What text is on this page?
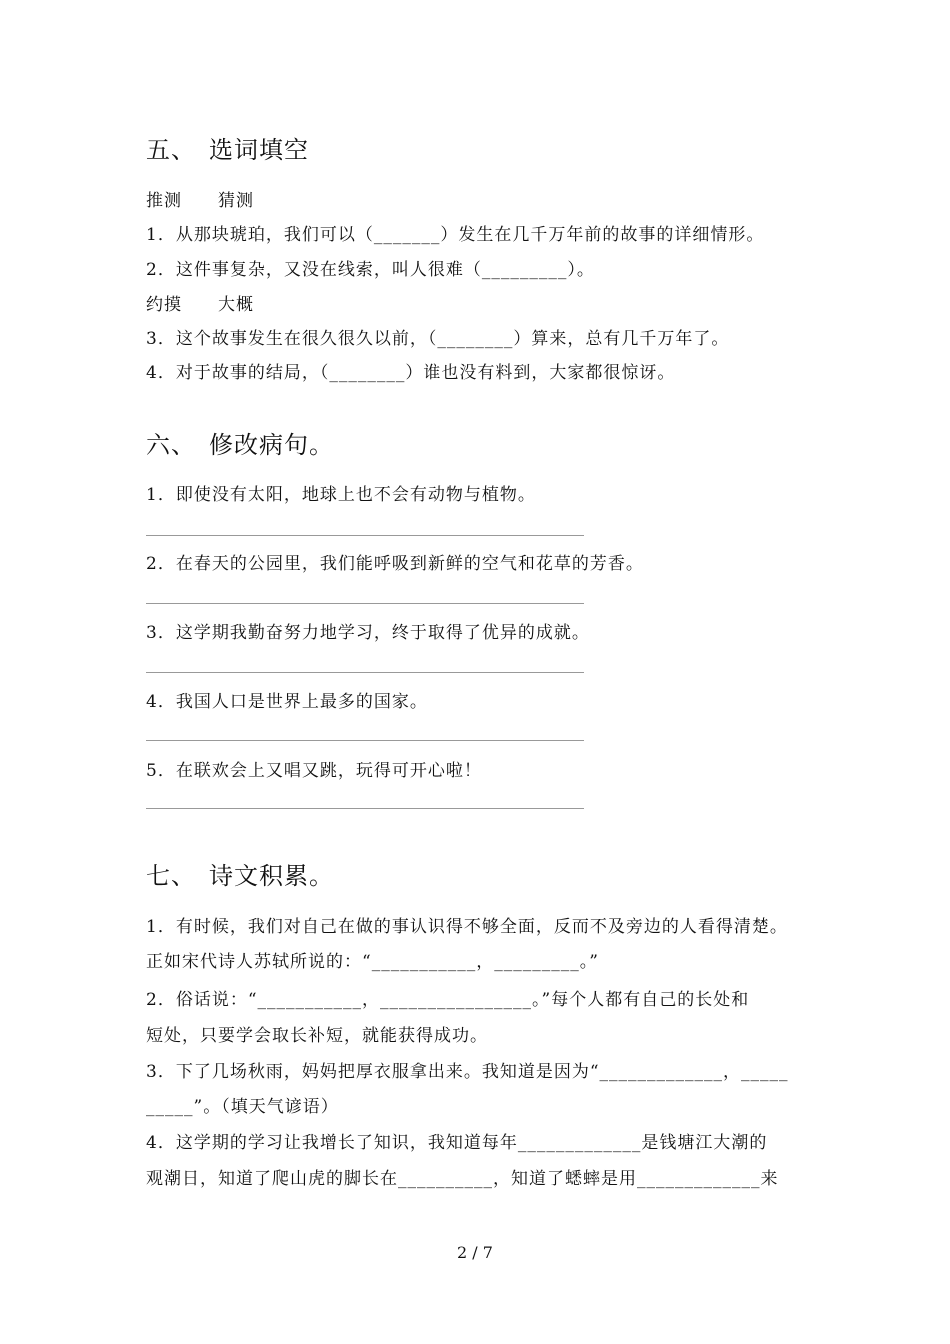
五、　选词填空
推测　　猜测
1．从那块琥珀，我们可以（_______）发生在几千万年前的故事的详细情形。
2．这件事复杂，又没在线索，叫人很难（_________）。
约摸　　大概
3．这个故事发生在很久很久以前，（________）算来，总有几千万年了。
4．对于故事的结局，（________）谁也没有料到，大家都很惊讶。
六、　修改病句。
1．即使没有太阳，地球上也不会有动物与植物。
2．在春天的公园里，我们能呼吸到新鲜的空气和花草的芳香。
3．这学期我勤奋努力地学习，终于取得了优异的成就。
4．我国人口是世界上最多的国家。
5．在联欢会上又唱又跳，玩得可开心啦！
七、　诗文积累。
1．有时候，我们对自己在做的事认识得不够全面，反而不及旁边的人看得清楚。
正如宋代诗人苏轼所说的：“___________，_________。”
2．俗话说：“___________，________________。”每个人都有自己的长处和
短处，只要学会取长补短，就能获得成功。
3．下了几场秋雨，妈妈把厚衣服拿出来。我知道是因为“_____________，_____
_____”。（填天气谚语）
4．这学期的学习让我增长了知识，我知道每年_____________是钱塘江大潮的
观潮日，知道了爬山虎的脚长在__________，知道了蟋蟀是用_____________来
2 / 7
